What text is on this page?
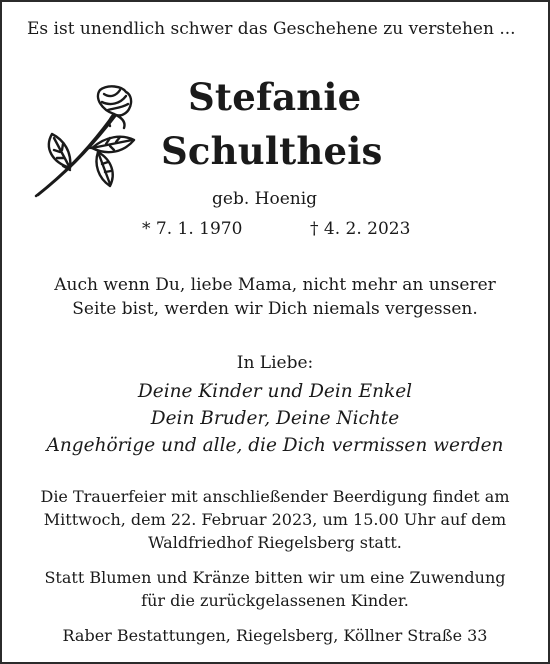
Es ist unendlich schwer das Geschehene zu verstehen ...
Stefanie
Schultheis
geb. Hoenig
* 7. 1. 1970	† 4. 2. 2023
Auch wenn Du, liebe Mama, nicht mehr an unserer
Seite bist, werden wir Dich niemals vergessen.
In Liebe:
Deine Kinder und Dein Enkel
Dein Bruder, Deine Nichte
Angehörige und alle, die Dich vermissen werden
Die Trauerfeier mit anschließender Beerdigung findet am
Mittwoch, dem 22. Februar 2023, um 15.00 Uhr auf dem
Waldfriedhof Riegelsberg statt.
Statt Blumen und Kränze bitten wir um eine Zuwendung
für die zurückgelassenen Kinder.
Raber Bestattungen, Riegelsberg, Köllner Straße 33
